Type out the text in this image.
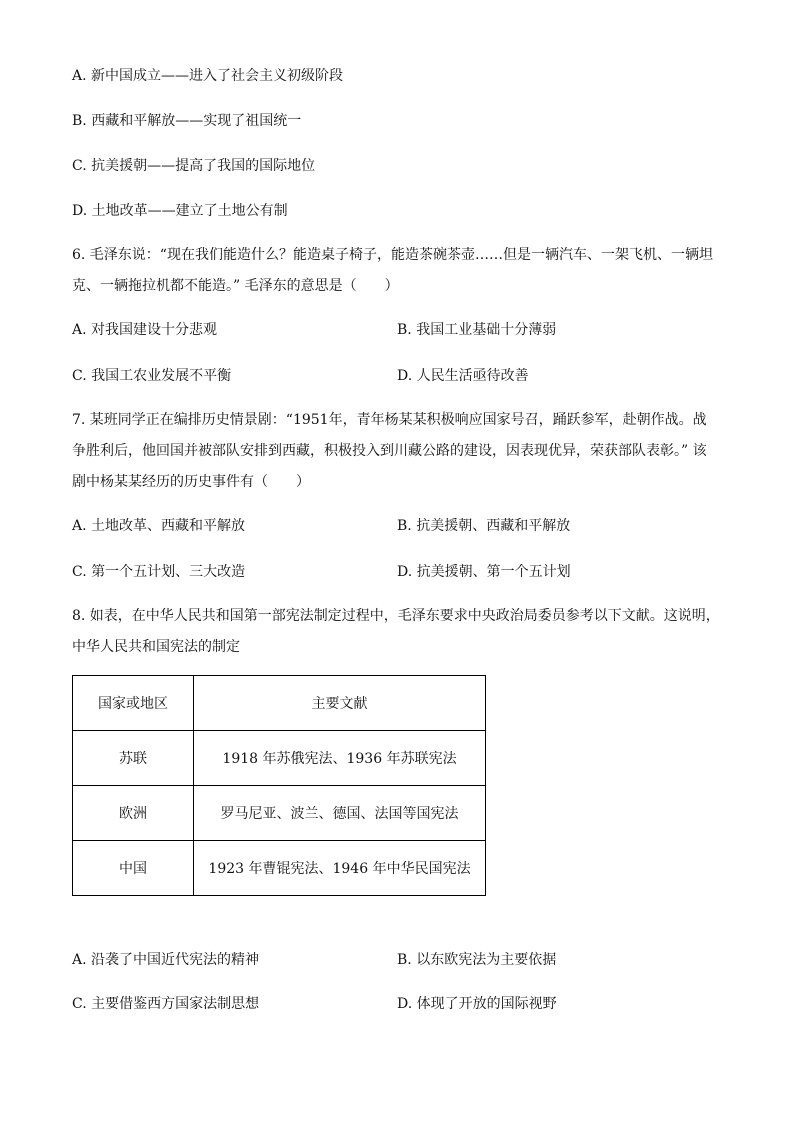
A. 新中国成立——进入了社会主义初级阶段
B. 西藏和平解放——实现了祖国统一
C. 抗美援朝——提高了我国的国际地位
D. 土地改革——建立了土地公有制
6. 毛泽东说：“现在我们能造什么？能造桌子椅子，能造茶碗茶壶……但是一辆汽车、一架飞机、一辆坦
克、一辆拖拉机都不能造。” 毛泽东的意思是（　　）
A. 对我国建设十分悲观	B. 我国工业基础十分薄弱
C. 我国工农业发展不平衡	D. 人民生活亟待改善
7. 某班同学正在编排历史情景剧：“1951年，青年杨某某积极响应国家号召，踊跃参军，赴朝作战。战
争胜利后，他回国并被部队安排到西藏，积极投入到川藏公路的建设，因表现优异，荣获部队表彰。” 该
剧中杨某某经历的历史事件有（　　）
A. 土地改革、西藏和平解放	B. 抗美援朝、西藏和平解放
C. 第一个五计划、三大改造	D. 抗美援朝、第一个五计划
8. 如表，在中华人民共和国第一部宪法制定过程中，毛泽东要求中央政治局委员参考以下文献。这说明，
中华人民共和国宪法的制定
国家或地区	主要文献
苏联	1918 年苏俄宪法、1936 年苏联宪法
欧洲	罗马尼亚、波兰、德国、法国等国宪法
中国	1923 年曹锟宪法、1946 年中华民国宪法
A. 沿袭了中国近代宪法的精神	B. 以东欧宪法为主要依据
C. 主要借鉴西方国家法制思想	D. 体现了开放的国际视野
